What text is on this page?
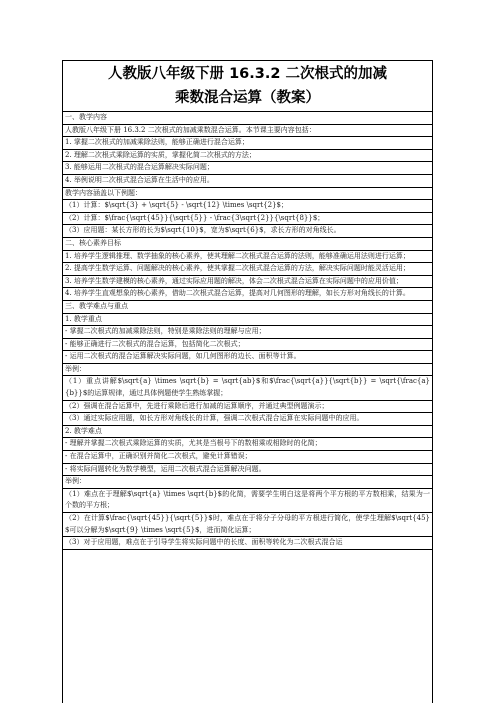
人教版八年级下册 16.3.2 二次根式的加减
乘数混合运算（教案）
一、教学内容
人教版八年级下册 16.3.2 二次根式的加减乘数混合运算。本节课主要内容包括：
1. 掌握二次根式的加减乘除法则，能够正确进行混合运算；
2. 理解二次根式乘除运算的实质，掌握化简二次根式的方法；
3. 能够运用二次根式的混合运算解决实际问题；
4. 举例说明二次根式混合运算在生活中的应用。
教学内容涵盖以下例题：
（1）计算：$\sqrt{3} + \sqrt{5} - \sqrt{12} \times \sqrt{2}$；
（2）计算：$\frac{\sqrt{45}}{\sqrt{5}} - \frac{3\sqrt{2}}{\sqrt{8}}$；
（3）应用题：某长方形的长为$\sqrt{10}$，宽为$\sqrt{6}$，求长方形的对角线长。
二、核心素养目标
1. 培养学生逻辑推理、数学抽象的核心素养，使其理解二次根式混合运算的法则，能够准确运用法则进行运算；
2. 提高学生数学运算、问题解决的核心素养，使其掌握二次根式混合运算的方法，解决实际问题时能灵活运用；
3. 培养学生数学建模的核心素养，通过实际应用题的解决，体会二次根式混合运算在实际问题中的应用价值；
4. 培养学生直观想象的核心素养，借助二次根式混合运算，提高对几何图形的理解，如长方形对角线长的计算。
三、教学难点与重点
1. 教学重点
- 掌握二次根式的加减乘除法则，特别是乘除法则的理解与应用；
- 能够正确进行二次根式的混合运算，包括简化二次根式；
- 运用二次根式的混合运算解决实际问题，如几何图形的边长、面积等计算。
举例：
（1）重点讲解$\sqrt{a} \times \sqrt{b} = \sqrt{ab}$和$\frac{\sqrt{a}}{\sqrt{b}} = \sqrt{\frac{a}{b}}$的运算规律，通过具体例题使学生熟练掌握；
（2）强调在混合运算中，先进行乘除后进行加减的运算顺序，并通过典型例题演示；
（3）通过实际应用题，如长方形对角线长的计算，强调二次根式混合运算在实际问题中的应用。
2. 教学难点
- 理解并掌握二次根式乘除运算的实质，尤其是当根号下的数相乘或相除时的化简；
- 在混合运算中，正确识别并简化二次根式，避免计算错误；
- 将实际问题转化为数学模型，运用二次根式混合运算解决问题。
举例：
（1）难点在于理解$\sqrt{a} \times \sqrt{b}$的化简，需要学生明白这是将两个平方根的平方数相乘，结果为一个数的平方根；
（2）在计算$\frac{\sqrt{45}}{\sqrt{5}}$时，难点在于将分子分母的平方根进行简化，使学生理解$\sqrt{45}$可以分解为$\sqrt{9} \times \sqrt{5}$，进而简化运算；
（3）对于应用题，难点在于引导学生将实际问题中的长度、面积等转化为二次根式混合运
